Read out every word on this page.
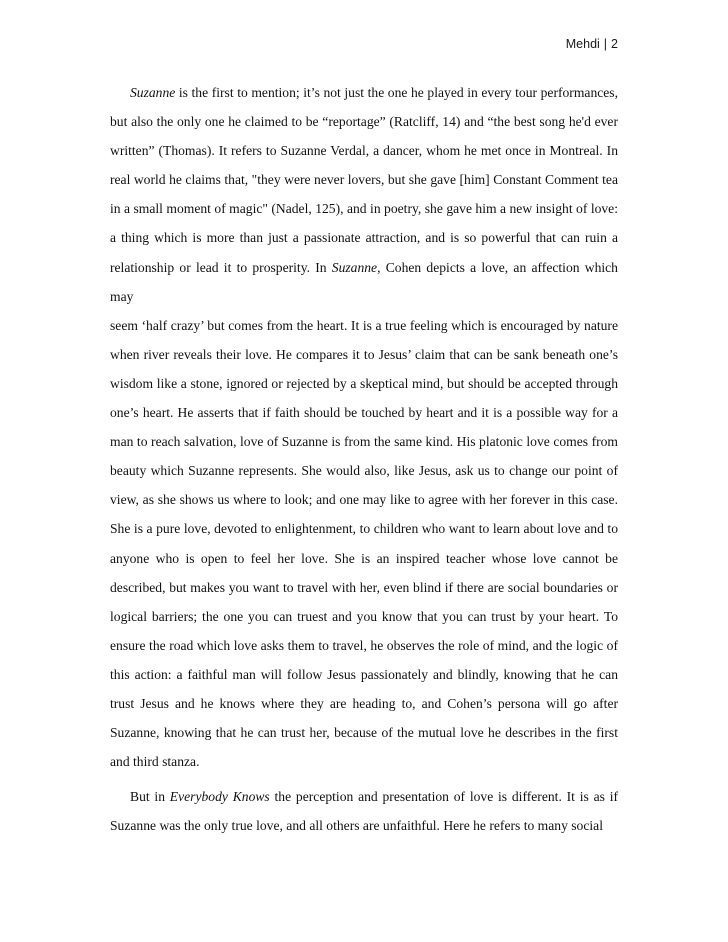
Mehdi | 2
Suzanne is the first to mention; it’s not just the one he played in every tour performances,
but also the only one he claimed to be “reportage” (Ratcliff, 14) and “the best song he'd ever
written” (Thomas). It refers to Suzanne Verdal, a dancer, whom he met once in Montreal. In
real world he claims that, "they were never lovers, but she gave [him] Constant Comment tea
in a small moment of magic" (Nadel, 125), and in poetry, she gave him a new insight of love:
a thing which is more than just a passionate attraction, and is so powerful that can ruin a
relationship or lead it to prosperity. In Suzanne, Cohen depicts a love, an affection which may
seem ‘half crazy’ but comes from the heart. It is a true feeling which is encouraged by nature
when river reveals their love. He compares it to Jesus’ claim that can be sank beneath one’s
wisdom like a stone, ignored or rejected by a skeptical mind, but should be accepted through
one’s heart. He asserts that if faith should be touched by heart and it is a possible way for a
man to reach salvation, love of Suzanne is from the same kind. His platonic love comes from
beauty which Suzanne represents. She would also, like Jesus, ask us to change our point of
view, as she shows us where to look; and one may like to agree with her forever in this case.
She is a pure love, devoted to enlightenment, to children who want to learn about love and to
anyone who is open to feel her love. She is an inspired teacher whose love cannot be
described, but makes you want to travel with her, even blind if there are social boundaries or
logical barriers; the one you can truest and you know that you can trust by your heart. To
ensure the road which love asks them to travel, he observes the role of mind, and the logic of
this action: a faithful man will follow Jesus passionately and blindly, knowing that he can
trust Jesus and he knows where they are heading to, and Cohen’s persona will go after
Suzanne, knowing that he can trust her, because of the mutual love he describes in the first
and third stanza.
But in Everybody Knows the perception and presentation of love is different. It is as if
Suzanne was the only true love, and all others are unfaithful. Here he refers to many social
